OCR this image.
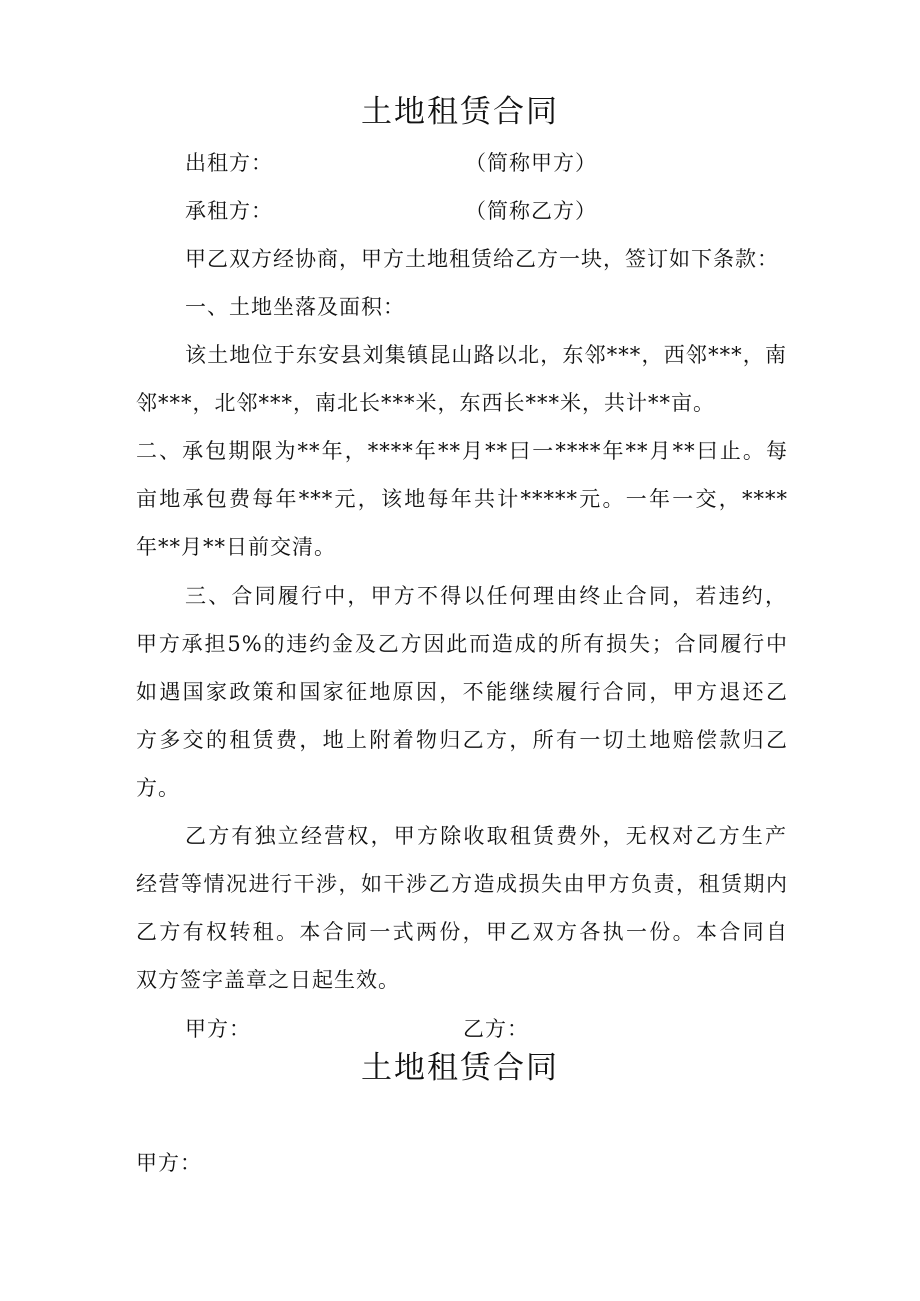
土地租赁合同
出租方：	（简称甲方）
承租方：	（简称乙方）
甲乙双方经协商，甲方土地租赁给乙方一块，签订如下条款：
一、土地坐落及面积：
该土地位于东安县刘集镇昆山路以北，东邻***，西邻***，南
邻***，北邻***，南北长***米，东西长***米，共计**亩。
二、承包期限为**年，****年**月**曰一****年**月**曰止。每
亩地承包费每年***元，该地每年共计*****元。一年一交，****
年**月**日前交清。
三、合同履行中，甲方不得以任何理由终止合同，若违约，
甲方承担5%的违约金及乙方因此而造成的所有损失；合同履行中
如遇国家政策和国家征地原因，不能继续履行合同，甲方退还乙
方多交的租赁费，地上附着物归乙方，所有一切土地赔偿款归乙
方。
乙方有独立经营权，甲方除收取租赁费外，无权对乙方生产
经营等情况进行干涉，如干涉乙方造成损失由甲方负责，租赁期内
乙方有权转租。本合同一式两份，甲乙双方各执一份。本合同自
双方签字盖章之日起生效。
甲方：	乙方：
土地租赁合同
甲方：
